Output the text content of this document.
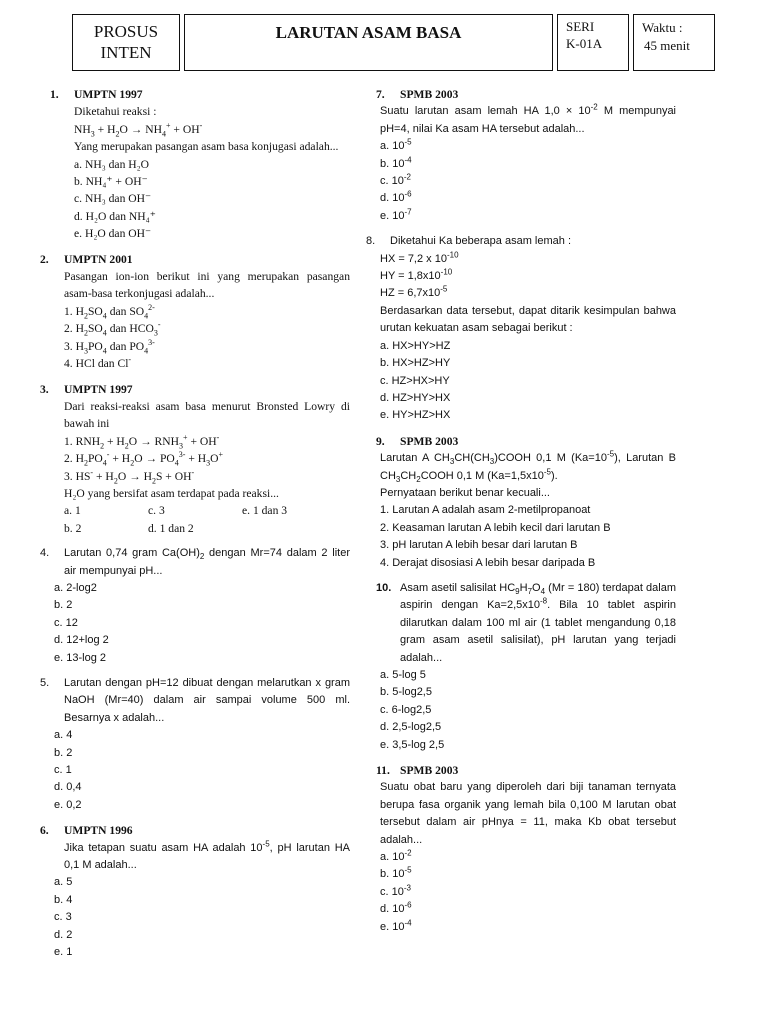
PROSUS
INTEN
LARUTAN ASAM BASA	SERI
K-01A
Waktu :
45 menit
1.	UMPTN 1997
Diketahui reaksi :
$NH_3 + H_2O \to NH_4^+ + OH^-$
Yang merupakan pasangan asam basa konjugasi adalah...
a. NH₃ dan H₂O
b. NH₄⁺ + OH⁻
c. NH₃ dan OH⁻
d. H₂O dan NH₄⁺
e. H₂O dan OH⁻
2.	UMPTN 2001
Pasangan ion-ion berikut ini yang merupakan pasangan asam-basa terkonjugasi adalah...
1. $H_2SO_4$ dan $SO_4^{2-}$
2. $H_2SO_4$ dan $HCO_3^-$
3. $H_3PO_4$ dan $PO_4^{3-}$
4. HCl dan Cl-
3.	UMPTN 1997
Dari reaksi-reaksi asam basa menurut Bronsted Lowry di bawah ini
1. $RNH_2 + H_2O \to RNH_3^+ + OH^-$
2. $H_2PO_4^- + H_2O \to PO_4^{3-} + H_3O^+$
3. $HS^- + H_2O \to H_2S + OH^-$
H₂O yang bersifat asam terdapat pada reaksi...
a. 1	c. 3	e. 1 dan 3
b. 2	d. 1 dan 2
4.	Larutan 0,74 gram $Ca(OH)_2$ dengan Mr=74 dalam 2 liter air mempunyai pH...
a. 2-log2
b. 2
c. 12
d. 12+log 2
e. 13-log 2
5.	Larutan dengan pH=12 dibuat dengan melarutkan x gram NaOH (Mr=40) dalam air sampai volume 500 ml. Besarnya x adalah...
a. 4
b. 2
c. 1
d. 0,4
e. 0,2
6.	UMPTN 1996
Jika tetapan suatu asam HA adalah $10^{-5}$, pH larutan HA 0,1 M adalah...
a. 5
b. 4
c. 3
d. 2
e. 1
7.	SPMB 2003
Suatu larutan asam lemah HA $1,0 \times 10^{-2}$ M mempunyai pH=4, nilai Ka asam HA tersebut adalah...
a. $10^{-5}$
b. $10^{-4}$
c. $10^{-2}$
d. $10^{-6}$
e. $10^{-7}$
8.	Diketahui Ka beberapa asam lemah :
HX = 7,2 x $10^{-10}$
HY = $1,8x10^{-10}$
HZ = $6,7x10^{-5}$
Berdasarkan data tersebut, dapat ditarik kesimpulan bahwa urutan kekuatan asam sebagai berikut :
a. HX>HY>HZ
b. HX>HZ>HY
c. HZ>HX>HY
d. HZ>HY>HX
e. HY>HZ>HX
9.	SPMB 2003
Larutan A $CH_3CH(CH_3)COOH$ 0,1 M $(Ka=10^{-5})$, Larutan B $CH_3CH_2COOH$ 0,1 M $(Ka=1,5x10^{-5})$.
Pernyataan berikut benar kecuali...
1. Larutan A adalah asam 2-metilpropanoat
2. Keasaman larutan A lebih kecil dari larutan B
3. pH larutan A lebih besar dari larutan B
4. Derajat disosiasi A lebih besar daripada B
10. Asam asetil salisilat $HC_9H_7O_4$ (Mr = 180) terdapat dalam aspirin dengan $Ka=2,5x10^{-8}$. Bila 10 tablet aspirin dilarutkan dalam 100 ml air (1 tablet mengandung 0,18 gram asam asetil salisilat), pH larutan yang terjadi adalah...
a. 5-log 5
b. 5-log2,5
c. 6-log2,5
d. 2,5-log2,5
e. 3,5-log 2,5
11. SPMB 2003
Suatu obat baru yang diperoleh dari biji tanaman ternyata berupa fasa organik yang lemah bila 0,100 M larutan obat tersebut dalam air pHnya = 11, maka Kb obat tersebut adalah...
a. $10^{-2}$
b. $10^{-5}$
c. $10^{-3}$
d. $10^{-6}$
e. $10^{-4}$
